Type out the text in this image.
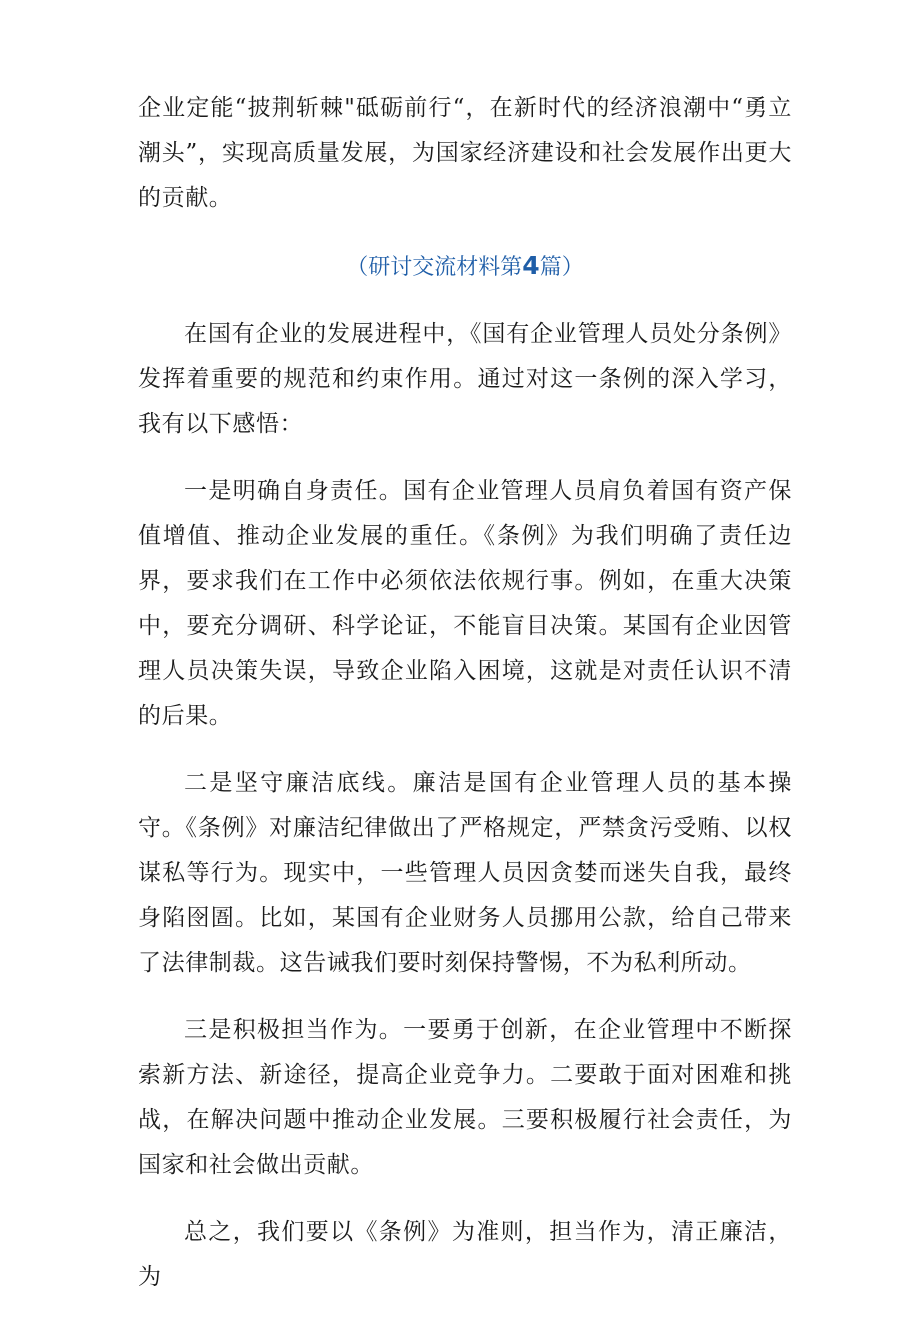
企业定能“披荆斩棘"砥砺前行“，在新时代的经济浪潮中“勇立潮头”，实现高质量发展，为国家经济建设和社会发展作出更大的贡献。

（研讨交流材料第4篇）

在国有企业的发展进程中，《国有企业管理人员处分条例》发挥着重要的规范和约束作用。通过对这一条例的深入学习，我有以下感悟：

一是明确自身责任。国有企业管理人员肩负着国有资产保值增值、推动企业发展的重任。《条例》为我们明确了责任边界，要求我们在工作中必须依法依规行事。例如，在重大决策中，要充分调研、科学论证，不能盲目决策。某国有企业因管理人员决策失误，导致企业陷入困境，这就是对责任认识不清的后果。

二是坚守廉洁底线。廉洁是国有企业管理人员的基本操守。《条例》对廉洁纪律做出了严格规定，严禁贪污受贿、以权谋私等行为。现实中，一些管理人员因贪婪而迷失自我，最终身陷囹圄。比如，某国有企业财务人员挪用公款，给自己带来了法律制裁。这告诫我们要时刻保持警惕，不为私利所动。

三是积极担当作为。一要勇于创新，在企业管理中不断探索新方法、新途径，提高企业竞争力。二要敢于面对困难和挑战，在解决问题中推动企业发展。三要积极履行社会责任，为国家和社会做出贡献。

总之，我们要以《条例》为准则，担当作为，清正廉洁，为
